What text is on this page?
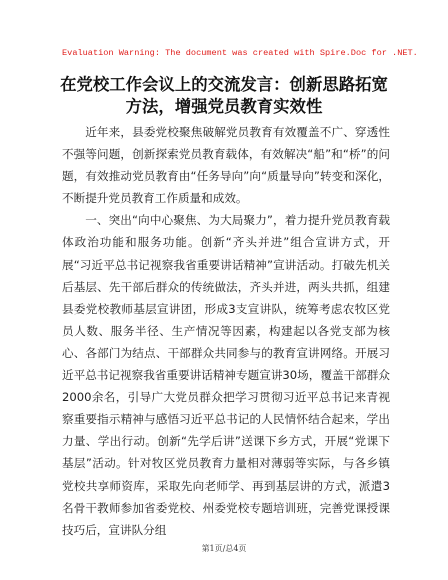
Evaluation Warning: The document was created with Spire.Doc for .NET.
在党校工作会议上的交流发言：创新思路拓宽
方法，增强党员教育实效性

近年来，县委党校聚焦破解党员教育有效覆盖不广、穿透性不强等问题，创新探索党员教育载体，有效解决“船”和“桥”的问题，有效推动党员教育由“任务导向”向“质量导向”转变和深化，不断提升党员教育工作质量和成效。

一、突出“向中心聚焦、为大局聚力”，着力提升党员教育载体政治功能和服务功能。创新“齐头并进”组合宣讲方式，开展“习近平总书记视察我省重要讲话精神”宣讲活动。打破先机关后基层、先干部后群众的传统做法，齐头并进，两头共抓，组建县委党校教师基层宣讲团，形成3支宣讲队，统筹考虑农牧区党员人数、服务半径、生产情况等因素，构建起以各党支部为核心、各部门为结点、干部群众共同参与的教育宣讲网络。开展习近平总书记视察我省重要讲话精神专题宣讲30场，覆盖干部群众2000余名，引导广大党员群众把学习贯彻习近平总书记来青视察重要指示精神与感悟习近平总书记的人民情怀结合起来，学出力量、学出行动。创新“先学后讲”送课下乡方式，开展“党课下基层”活动。针对牧区党员教育力量相对薄弱等实际，与各乡镇党校共享师资库，采取先向老师学、再到基层讲的方式，派遣3名骨干教师参加省委党校、州委党校专题培训班，完善党课授课技巧后，宣讲队分组

第1页/总4页
